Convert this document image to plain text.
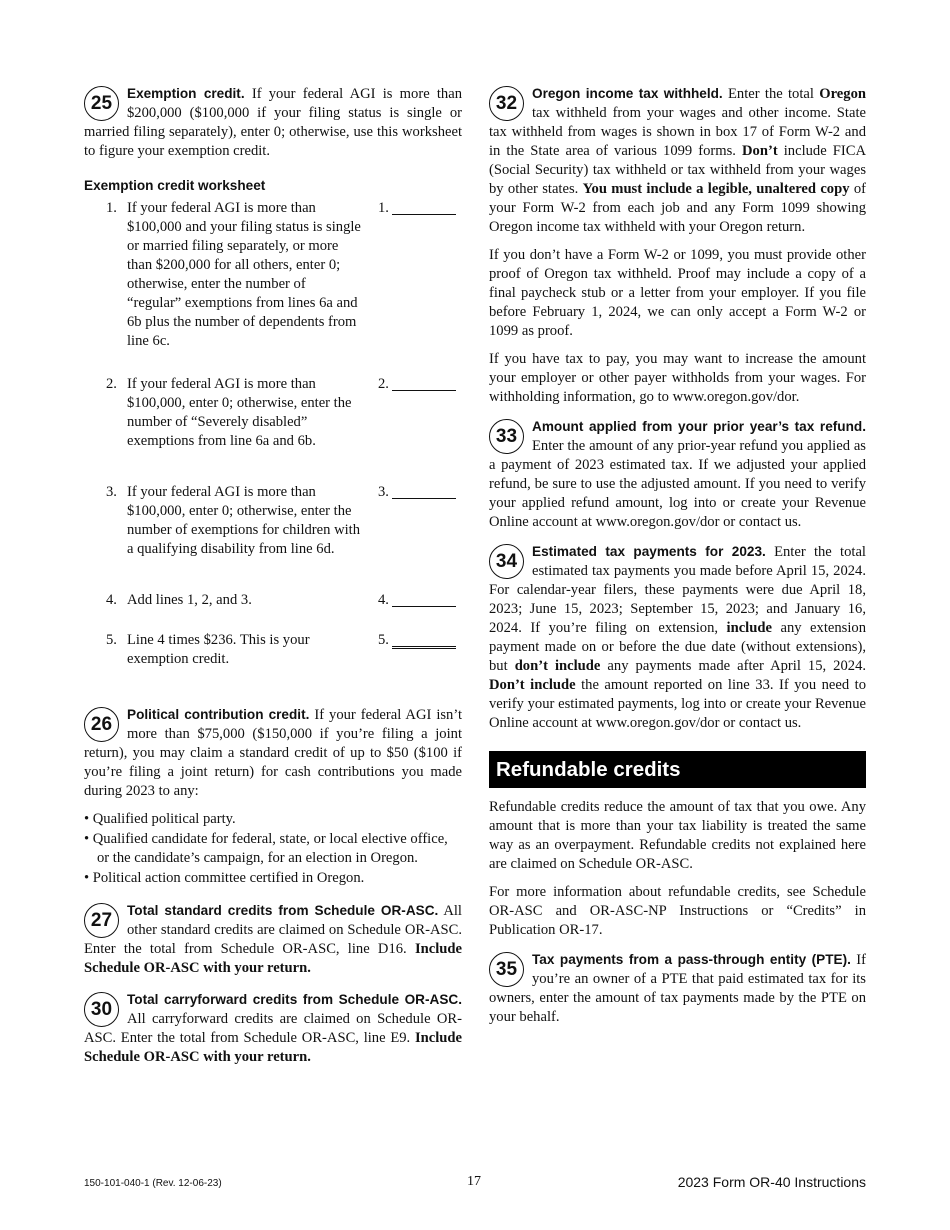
25	Exemption credit. If your federal AGI is more than $200,000 ($100,000 if your filing status is single or married filing separately), enter 0; otherwise, use this worksheet to figure your exemption credit.

Exemption credit worksheet
1. If your federal AGI is more than $100,000 and your filing status is single or married filing separately, or more than $200,000 for all others, enter 0; otherwise, enter the number of “regular” exemptions from lines 6a and 6b plus the number of dependents from line 6c.
1.
2. If your federal AGI is more than $100,000, enter 0; otherwise, enter the number of “Severely disabled” exemptions from line 6a and 6b.
2.
3. If your federal AGI is more than $100,000, enter 0; otherwise, enter the number of exemptions for children with a qualifying disability from line 6d.
3.
4. Add lines 1, 2, and 3.	4.
5. Line 4 times $236. This is your exemption credit.
5.
26	Political contribution credit. If your federal AGI isn’t more than $75,000 ($150,000 if you’re filing a joint return), you may claim a standard credit of up to $50 ($100 if you’re filing a joint return) for cash contributions you made during 2023 to any:

• Qualified political party.
• Qualified candidate for federal, state, or local elective office, or the candidate’s campaign, for an election in Oregon.
• Political action committee certified in Oregon.
27	Total standard credits from Schedule OR-ASC. All other standard credits are claimed on Schedule OR-ASC. Enter the total from Schedule OR-ASC, line D16. Include Schedule OR-ASC with your return.

30	Total carryforward credits from Schedule OR-ASC. All carryforward credits are claimed on Schedule OR-ASC. Enter the total from Schedule OR-ASC, line E9. Include Schedule OR-ASC with your return.

32	Oregon income tax withheld. Enter the total Oregon tax withheld from your wages and other income. State tax withheld from wages is shown in box 17 of Form W-2 and in the State area of various 1099 forms. Don’t include FICA (Social Security) tax withheld or tax withheld from your wages by other states. You must include a legible, unaltered copy of your Form W-2 from each job and any Form 1099 showing Oregon income tax withheld with your Oregon return.

If you don’t have a Form W-2 or 1099, you must provide other proof of Oregon tax withheld. Proof may include a copy of a final paycheck stub or a letter from your employer. If you file before February 1, 2024, we can only accept a Form W-2 or 1099 as proof.

If you have tax to pay, you may want to increase the amount your employer or other payer withholds from your wages. For withholding information, go to www.oregon.gov/dor.

33	Amount applied from your prior year’s tax refund. Enter the amount of any prior-year refund you applied as a payment of 2023 estimated tax. If we adjusted your applied refund, be sure to use the adjusted amount. If you need to verify your applied refund amount, log into or create your Revenue Online account at www.oregon.gov/dor or contact us.

34	Estimated tax payments for 2023. Enter the total estimated tax payments you made before April 15, 2024. For calendar-year filers, these payments were due April 18, 2023; June 15, 2023; September 15, 2023; and January 16, 2024. If you’re filing on extension, include any extension payment made on or before the due date (without extensions), but don’t include any payments made after April 15, 2024. Don’t include the amount reported on line 33. If you need to verify your estimated payments, log into or create your Revenue Online account at www.oregon.gov/dor or contact us.

Refundable credits

Refundable credits reduce the amount of tax that you owe. Any amount that is more than your tax liability is treated the same way as an overpayment. Refundable credits not explained here are claimed on Schedule OR-ASC.

For more information about refundable credits, see Schedule OR-ASC and OR-ASC-NP Instructions or “Credits” in Publication OR-17.

35	Tax payments from a pass-through entity (PTE). If you’re an owner of a PTE that paid estimated tax for its owners, enter the amount of tax payments made by the PTE on your behalf.

150-101-040-1 (Rev. 12-06-23)	17	2023 Form OR-40 Instructions
